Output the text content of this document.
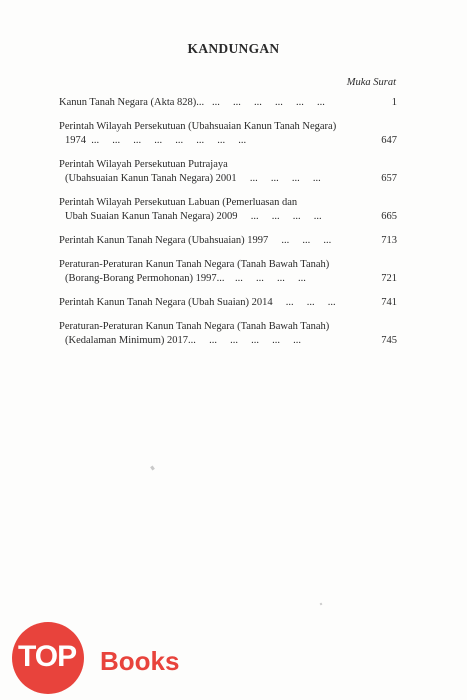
KANDUNGAN
Muka Surat
Kanun Tanah Negara (Akta 828)...   ...     ...     ...     ...     ...     ...	1
Perintah Wilayah Persekutuan (Ubahsuaian Kanun Tanah Negara)
1974  ...     ...     ...     ...     ...     ...     ...     ...	647
Perintah Wilayah Persekutuan Putrajaya
(Ubahsuaian Kanun Tanah Negara) 2001     ...     ...     ...     ...	657
Perintah Wilayah Persekutuan Labuan (Pemerluasan dan
Ubah Suaian Kanun Tanah Negara) 2009     ...     ...     ...     ...	665
Perintah Kanun Tanah Negara (Ubahsuaian) 1997     ...     ...     ...	713
Peraturan-Peraturan Kanun Tanah Negara (Tanah Bawah Tanah)
(Borang-Borang Permohonan) 1997...    ...     ...     ...     ...	721
Perintah Kanun Tanah Negara (Ubah Suaian) 2014     ...     ...     ...	741
Peraturan-Peraturan Kanun Tanah Negara (Tanah Bawah Tanah)
(Kedalaman Minimum) 2017...     ...     ...     ...     ...     ...	745
TOP Books
